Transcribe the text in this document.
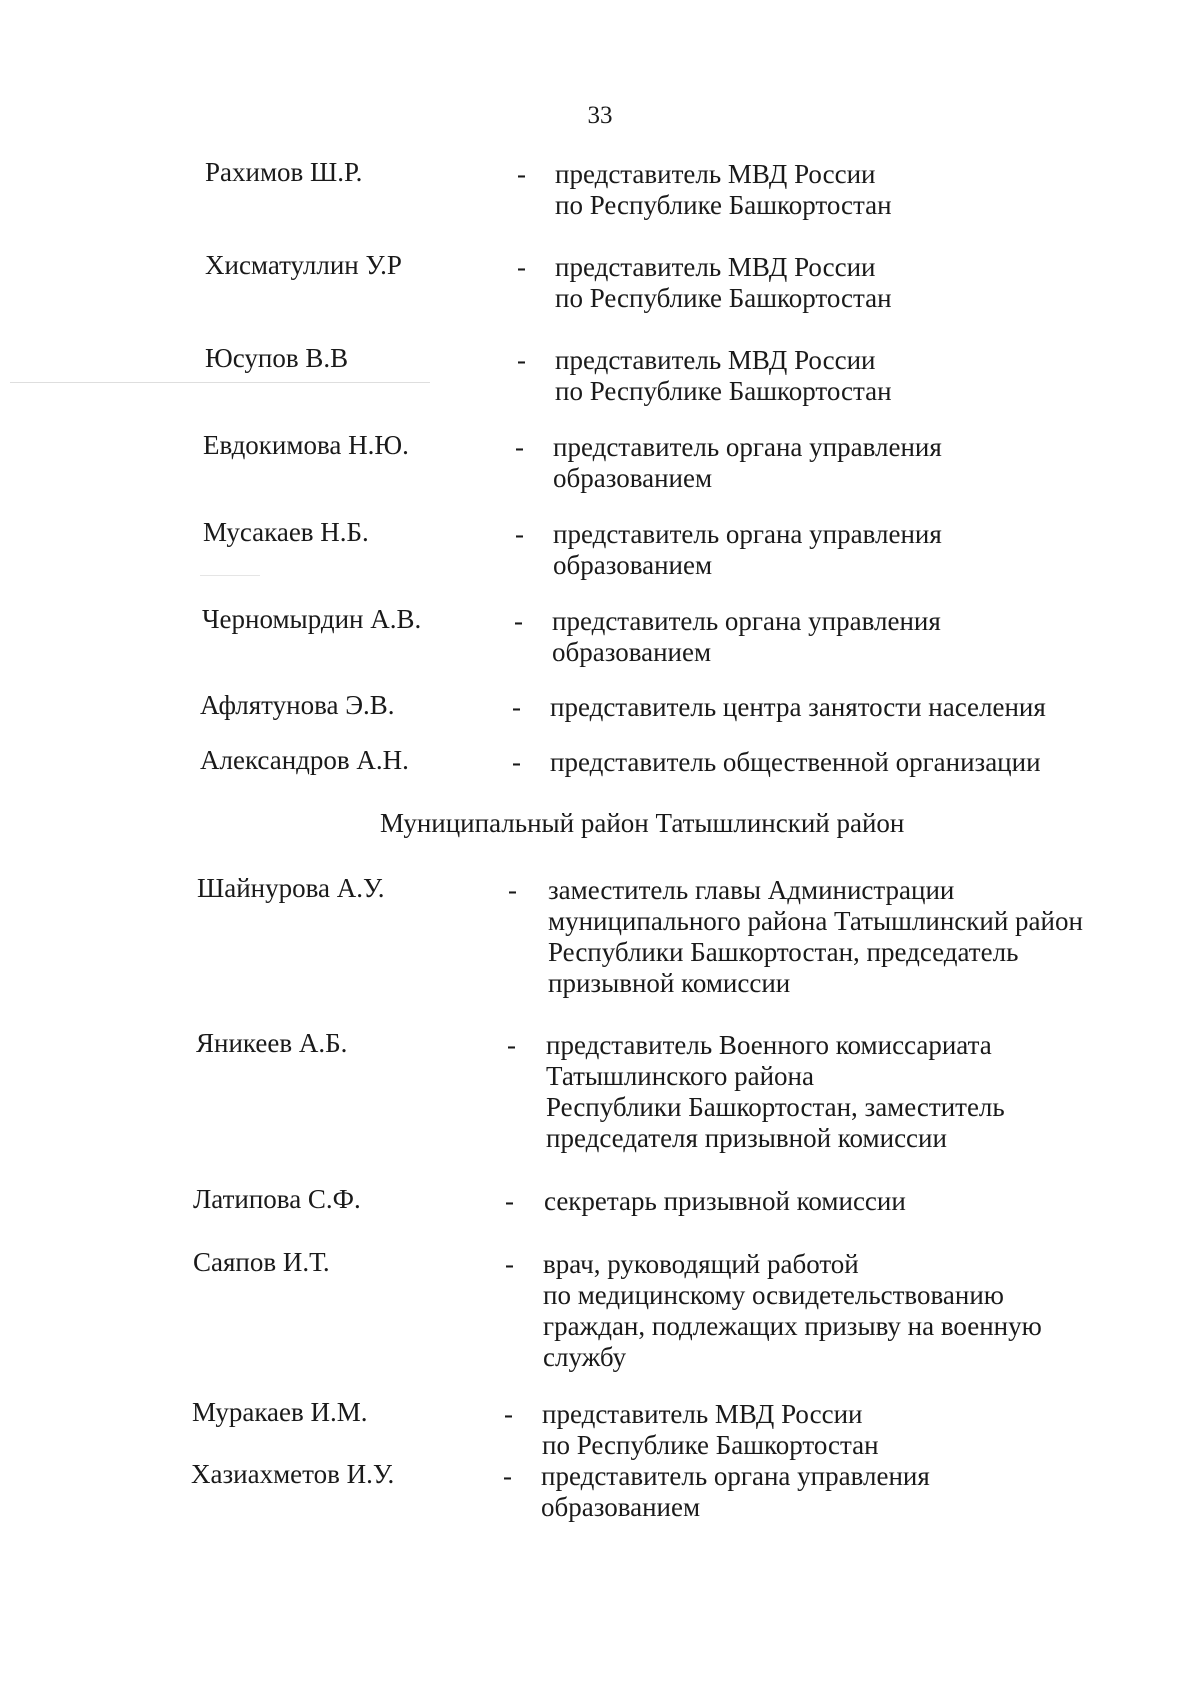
33
Рахимов Ш.Р.	- представитель МВД России
по Республике Башкортостан
Хисматуллин У.Р	- представитель МВД России
по Республике Башкортостан
Юсупов В.В	- представитель МВД России
по Республике Башкортостан
Евдокимова Н.Ю.	- представитель органа управления
образованием
Мусакаев Н.Б.	- представитель органа управления
образованием
Черномырдин А.В.	- представитель органа управления
образованием
Афлятунова Э.В.	- представитель центра занятости населения
Александров А.Н.	- представитель общественной организации
Муниципальный район Татышлинский район
Шайнурова А.У.	- заместитель главы Администрации
муниципального района Татышлинский район
Республики Башкортостан, председатель
призывной комиссии
Яникеев А.Б.	- представитель Военного комиссариата
Татышлинского района
Республики Башкортостан, заместитель
председателя призывной комиссии
Латипова С.Ф.	- секретарь призывной комиссии
Саяпов И.Т.	- врач, руководящий работой
по медицинскому освидетельствованию
граждан, подлежащих призыву на военную
службу
Муракаев И.М.	- представитель МВД России
по Республике Башкортостан
Хазиахметов И.У.	- представитель органа управления
образованием
